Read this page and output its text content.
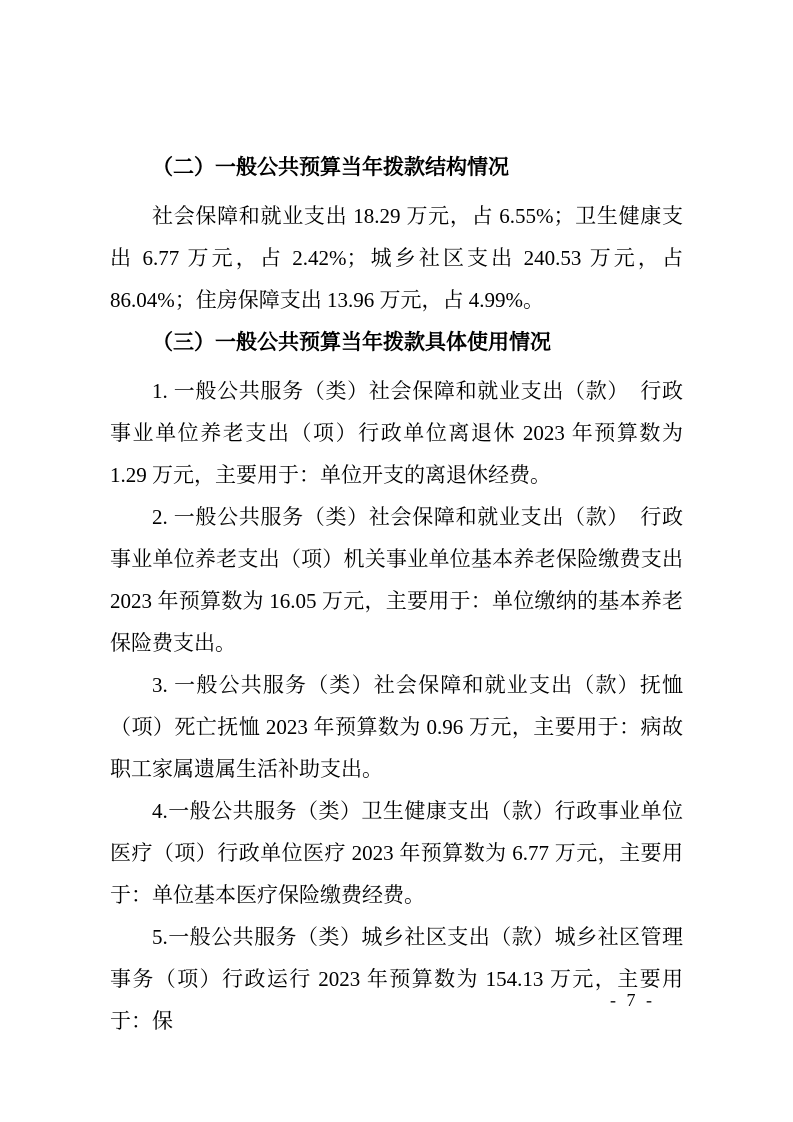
（二）一般公共预算当年拨款结构情况

社会保障和就业支出 18.29 万元，占 6.55%；卫生健康支出 6.77 万元，占 2.42%；城乡社区支出 240.53 万元，占 86.04%；住房保障支出 13.96 万元，占 4.99%。

（三）一般公共预算当年拨款具体使用情况

1. 一般公共服务（类）社会保障和就业支出（款）　行政事业单位养老支出（项）行政单位离退休 2023 年预算数为 1.29 万元，主要用于：单位开支的离退休经费。

2. 一般公共服务（类）社会保障和就业支出（款）　行政事业单位养老支出（项）机关事业单位基本养老保险缴费支出 2023 年预算数为 16.05 万元，主要用于：单位缴纳的基本养老保险费支出。

3. 一般公共服务（类）社会保障和就业支出（款）抚恤（项）死亡抚恤 2023 年预算数为 0.96 万元，主要用于：病故职工家属遗属生活补助支出。

4.一般公共服务（类）卫生健康支出（款）行政事业单位医疗（项）行政单位医疗 2023 年预算数为 6.77 万元，主要用于：单位基本医疗保险缴费经费。

5.一般公共服务（类）城乡社区支出（款）城乡社区管理事务（项）行政运行 2023 年预算数为 154.13 万元，主要用于：保

- 7 -
